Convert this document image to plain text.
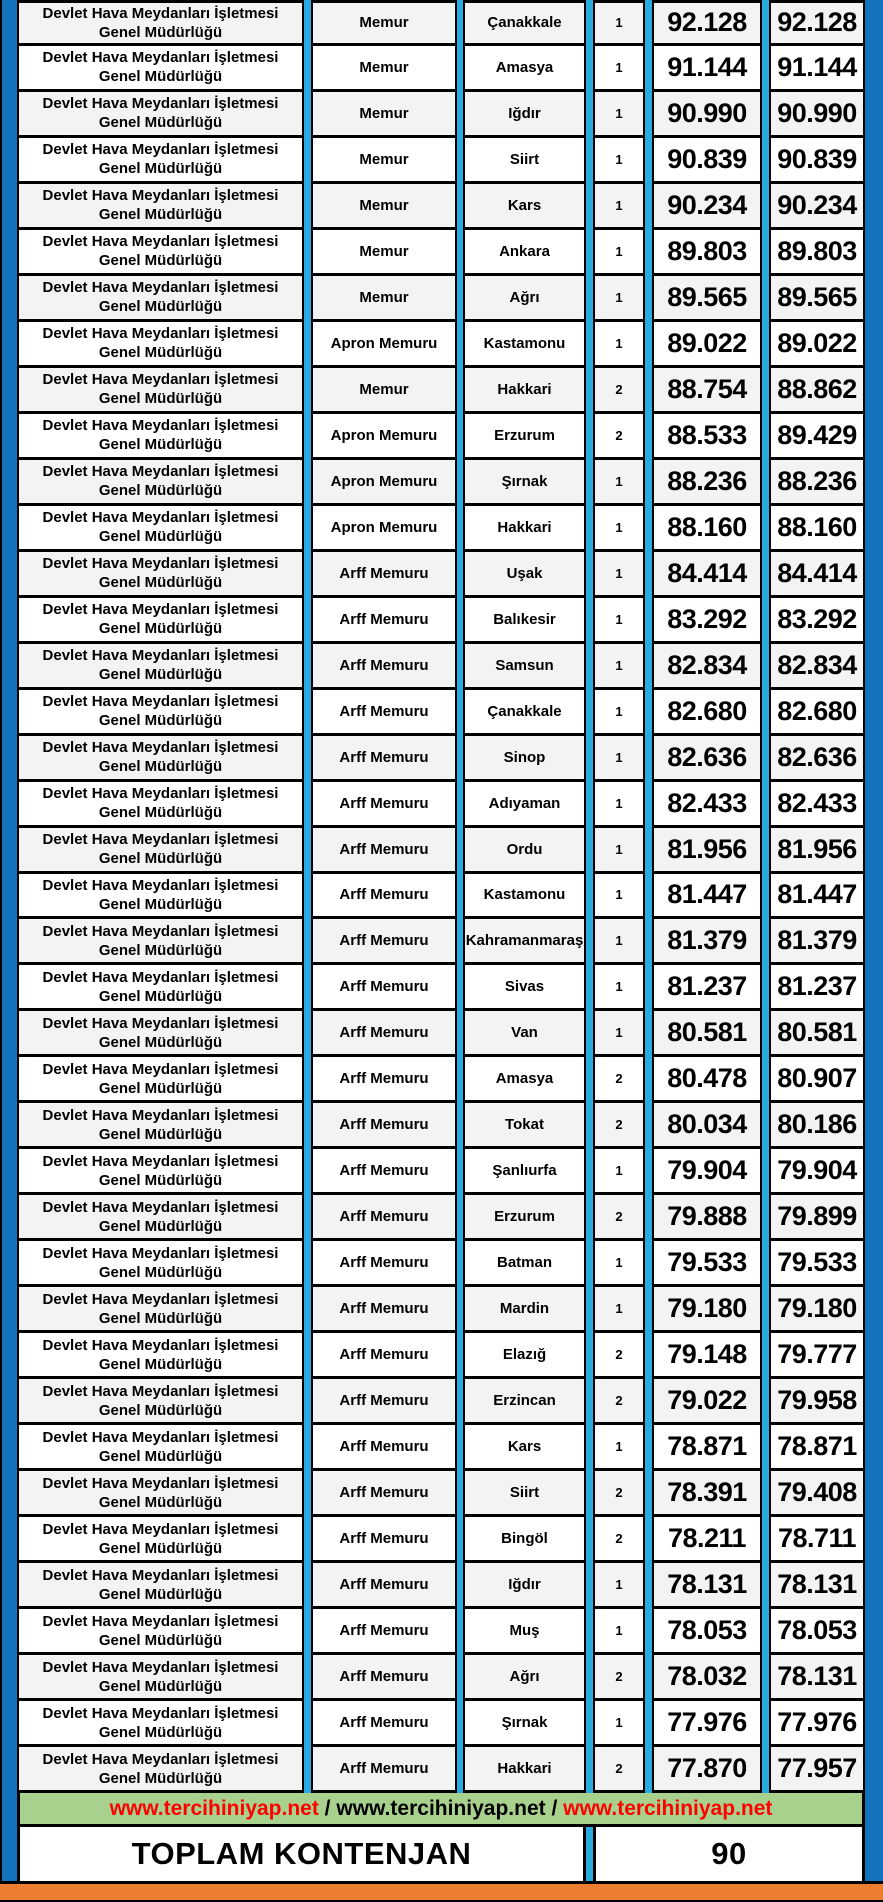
Devlet Hava Meydanları İşletmesi
Genel Müdürlüğü
Memur	Çanakkale	1	92.128	92.128
Devlet Hava Meydanları İşletmesi
Genel Müdürlüğü
Memur	Amasya	1	91.144	91.144
Devlet Hava Meydanları İşletmesi
Genel Müdürlüğü
Memur	Iğdır	1	90.990	90.990
Devlet Hava Meydanları İşletmesi
Genel Müdürlüğü
Memur	Siirt	1	90.839	90.839
Devlet Hava Meydanları İşletmesi
Genel Müdürlüğü
Memur	Kars	1	90.234	90.234
Devlet Hava Meydanları İşletmesi
Genel Müdürlüğü
Memur	Ankara	1	89.803	89.803
Devlet Hava Meydanları İşletmesi
Genel Müdürlüğü
Memur	Ağrı	1	89.565	89.565
Devlet Hava Meydanları İşletmesi
Genel Müdürlüğü
Apron Memuru	Kastamonu	1	89.022	89.022
Devlet Hava Meydanları İşletmesi
Genel Müdürlüğü
Memur	Hakkari	2	88.754	88.862
Devlet Hava Meydanları İşletmesi
Genel Müdürlüğü
Apron Memuru	Erzurum	2	88.533	89.429
Devlet Hava Meydanları İşletmesi
Genel Müdürlüğü
Apron Memuru	Şırnak	1	88.236	88.236
Devlet Hava Meydanları İşletmesi
Genel Müdürlüğü
Apron Memuru	Hakkari	1	88.160	88.160
Devlet Hava Meydanları İşletmesi
Genel Müdürlüğü
Arff Memuru	Uşak	1	84.414	84.414
Devlet Hava Meydanları İşletmesi
Genel Müdürlüğü
Arff Memuru	Balıkesir	1	83.292	83.292
Devlet Hava Meydanları İşletmesi
Genel Müdürlüğü
Arff Memuru	Samsun	1	82.834	82.834
Devlet Hava Meydanları İşletmesi
Genel Müdürlüğü
Arff Memuru	Çanakkale	1	82.680	82.680
Devlet Hava Meydanları İşletmesi
Genel Müdürlüğü
Arff Memuru	Sinop	1	82.636	82.636
Devlet Hava Meydanları İşletmesi
Genel Müdürlüğü
Arff Memuru	Adıyaman	1	82.433	82.433
Devlet Hava Meydanları İşletmesi
Genel Müdürlüğü
Arff Memuru	Ordu	1	81.956	81.956
Devlet Hava Meydanları İşletmesi
Genel Müdürlüğü
Arff Memuru	Kastamonu	1	81.447	81.447
Devlet Hava Meydanları İşletmesi
Genel Müdürlüğü
Arff Memuru	Kahramanmaraş	1	81.379	81.379
Devlet Hava Meydanları İşletmesi
Genel Müdürlüğü
Arff Memuru	Sivas	1	81.237	81.237
Devlet Hava Meydanları İşletmesi
Genel Müdürlüğü
Arff Memuru	Van	1	80.581	80.581
Devlet Hava Meydanları İşletmesi
Genel Müdürlüğü
Arff Memuru	Amasya	2	80.478	80.907
Devlet Hava Meydanları İşletmesi
Genel Müdürlüğü
Arff Memuru	Tokat	2	80.034	80.186
Devlet Hava Meydanları İşletmesi
Genel Müdürlüğü
Arff Memuru	Şanlıurfa	1	79.904	79.904
Devlet Hava Meydanları İşletmesi
Genel Müdürlüğü
Arff Memuru	Erzurum	2	79.888	79.899
Devlet Hava Meydanları İşletmesi
Genel Müdürlüğü
Arff Memuru	Batman	1	79.533	79.533
Devlet Hava Meydanları İşletmesi
Genel Müdürlüğü
Arff Memuru	Mardin	1	79.180	79.180
Devlet Hava Meydanları İşletmesi
Genel Müdürlüğü
Arff Memuru	Elazığ	2	79.148	79.777
Devlet Hava Meydanları İşletmesi
Genel Müdürlüğü
Arff Memuru	Erzincan	2	79.022	79.958
Devlet Hava Meydanları İşletmesi
Genel Müdürlüğü
Arff Memuru	Kars	1	78.871	78.871
Devlet Hava Meydanları İşletmesi
Genel Müdürlüğü
Arff Memuru	Siirt	2	78.391	79.408
Devlet Hava Meydanları İşletmesi
Genel Müdürlüğü
Arff Memuru	Bingöl	2	78.211	78.711
Devlet Hava Meydanları İşletmesi
Genel Müdürlüğü
Arff Memuru	Iğdır	1	78.131	78.131
Devlet Hava Meydanları İşletmesi
Genel Müdürlüğü
Arff Memuru	Muş	1	78.053	78.053
Devlet Hava Meydanları İşletmesi
Genel Müdürlüğü
Arff Memuru	Ağrı	2	78.032	78.131
Devlet Hava Meydanları İşletmesi
Genel Müdürlüğü
Arff Memuru	Şırnak	1	77.976	77.976
Devlet Hava Meydanları İşletmesi
Genel Müdürlüğü
Arff Memuru	Hakkari	2	77.870	77.957
www.tercihiniyap.net / www.tercihiniyap.net / www.tercihiniyap.net
TOPLAM KONTENJAN	90
